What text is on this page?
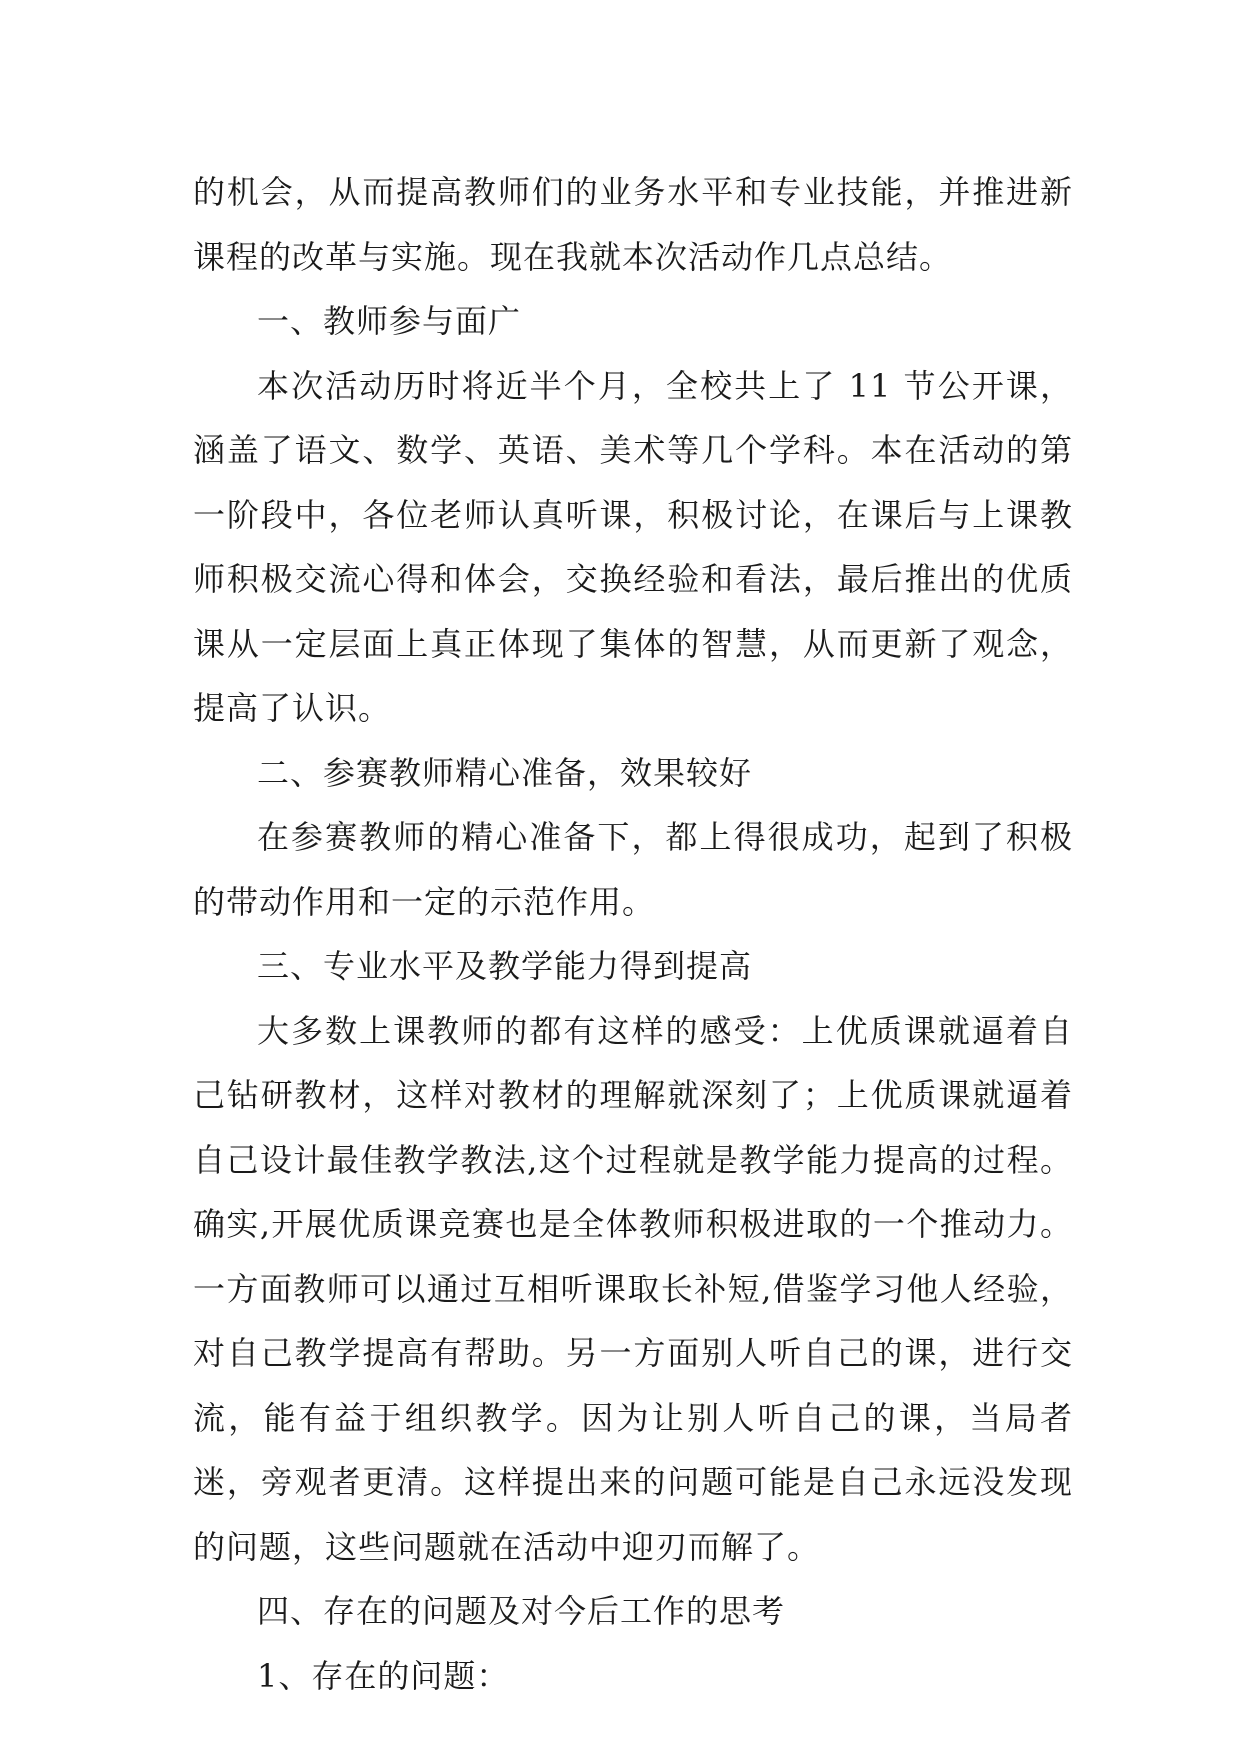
的机会，从而提高教师们的业务水平和专业技能，并推进新课程的改革与实施。现在我就本次活动作几点总结。

一、教师参与面广

本次活动历时将近半个月，全校共上了 11 节公开课，涵盖了语文、数学、英语、美术等几个学科。本在活动的第一阶段中，各位老师认真听课，积极讨论，在课后与上课教师积极交流心得和体会，交换经验和看法，最后推出的优质课从一定层面上真正体现了集体的智慧，从而更新了观念，提高了认识。

二、参赛教师精心准备，效果较好

在参赛教师的精心准备下，都上得很成功，起到了积极的带动作用和一定的示范作用。

三、专业水平及教学能力得到提高

大多数上课教师的都有这样的感受：上优质课就逼着自己钻研教材，这样对教材的理解就深刻了；上优质课就逼着自己设计最佳教学教法,这个过程就是教学能力提高的过程。确实,开展优质课竞赛也是全体教师积极进取的一个推动力。一方面教师可以通过互相听课取长补短,借鉴学习他人经验，对自己教学提高有帮助。另一方面别人听自己的课，进行交流，能有益于组织教学。因为让别人听自己的课，当局者迷，旁观者更清。这样提出来的问题可能是自己永远没发现的问题，这些问题就在活动中迎刃而解了。

四、存在的问题及对今后工作的思考

1、存在的问题：
